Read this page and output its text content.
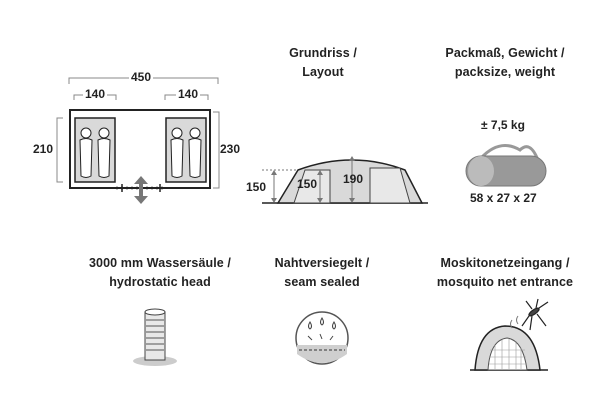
450
140	140
210	230
Grundriss /
Layout
150	150 190
Packmaß, Gewicht /
packsize, weight
± 7,5 kg
58 x 27 x 27
3000 mm Wassersäule /
hydrostatic head
Nahtversiegelt /
seam sealed
Moskitonetzeingang /
mosquito net entrance
